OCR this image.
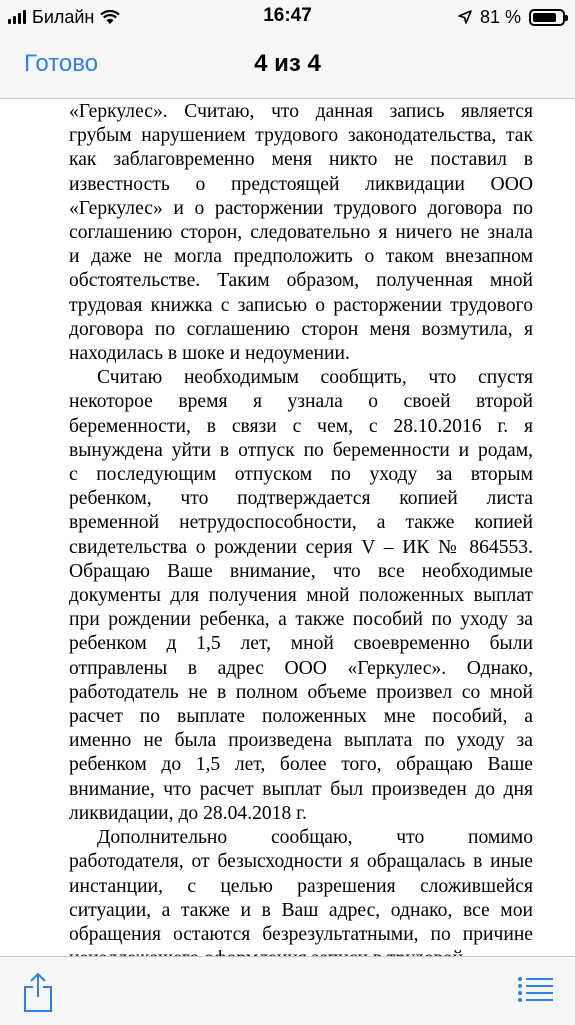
Билайн	16:47	81 %
Готово	4 из 4

«Геркулес». Считаю, что данная запись является
грубым нарушением трудового законодательства, так
как заблаговременно меня никто не поставил в
известность о предстоящей ликвидации ООО
«Геркулес» и о расторжении трудового договора по
соглашению сторон, следовательно я ничего не знала
и даже не могла предположить о таком внезапном
обстоятельстве. Таким образом, полученная мной
трудовая книжка с записью о расторжении трудового
договора по соглашению сторон меня возмутила, я
находилась в шоке и недоумении.

Считаю необходимым сообщить, что спустя
некоторое время я узнала о своей второй
беременности, в связи с чем, с 28.10.2016 г. я
вынуждена уйти в отпуск по беременности и родам,
с последующим отпуском по уходу за вторым
ребенком, что подтверждается копией листа
временной нетрудоспособности, а также копией
свидетельства о рождении серия V – ИК № 864553.
Обращаю Ваше внимание, что все необходимые
документы для получения мной положенных выплат
при рождении ребенка, а также пособий по уходу за
ребенком д 1,5 лет, мной своевременно были
отправлены в адрес ООО «Геркулес». Однако,
работодатель не в полном объеме произвел со мной
расчет по выплате положенных мне пособий, а
именно не была произведена выплата по уходу за
ребенком до 1,5 лет, более того, обращаю Ваше
внимание, что расчет выплат был произведен до дня
ликвидации, до 28.04.2018 г.

Дополнительно сообщаю, что помимо
работодателя, от безысходности я обращалась в иные
инстанции, с целью разрешения сложившейся
ситуации, а также и в Ваш адрес, однако, все мои
обращения остаются безрезультатными, по причине
